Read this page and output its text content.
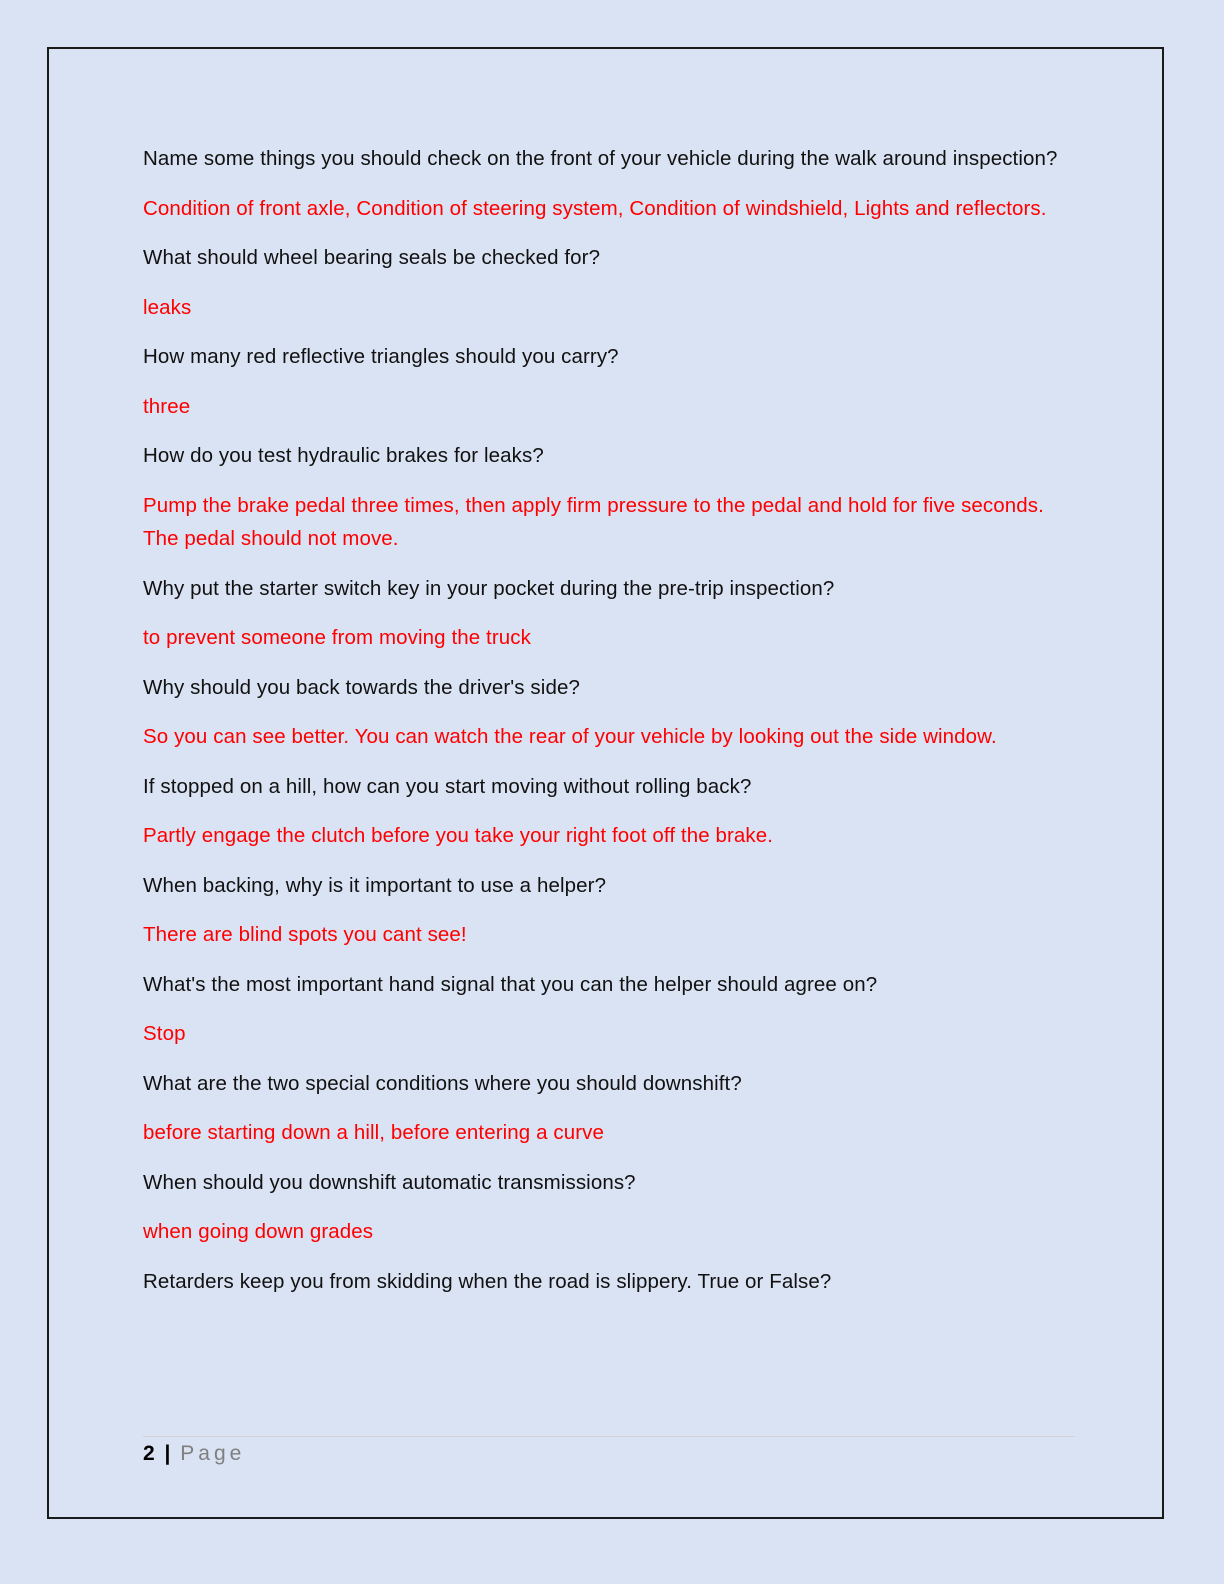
Name some things you should check on the front of your vehicle during the walk around inspection?

Condition of front axle, Condition of steering system, Condition of windshield, Lights and reflectors.

What should wheel bearing seals be checked for?

leaks

How many red reflective triangles should you carry?

three

How do you test hydraulic brakes for leaks?

Pump the brake pedal three times, then apply firm pressure to the pedal and hold for five seconds. The pedal should not move.

Why put the starter switch key in your pocket during the pre-trip inspection?

to prevent someone from moving the truck

Why should you back towards the driver's side?

So you can see better. You can watch the rear of your vehicle by looking out the side window.

If stopped on a hill, how can you start moving without rolling back?

Partly engage the clutch before you take your right foot off the brake.

When backing, why is it important to use a helper?

There are blind spots you cant see!

What's the most important hand signal that you can the helper should agree on?

Stop

What are the two special conditions where you should downshift?

before starting down a hill, before entering a curve

When should you downshift automatic transmissions?

when going down grades

Retarders keep you from skidding when the road is slippery. True or False?

2 | Page
